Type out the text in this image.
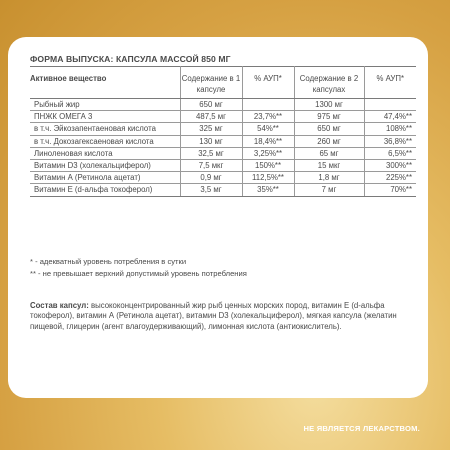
ФОРМА ВЫПУСКА: КАПСУЛА МАССОЙ 850 МГ
Активное вещество	Содержание в 1 капсуле	% АУП*	Содержание в 2 капсулах	% АУП*
Рыбный жир	650 мг		1300 мг	
ПНЖК ОМЕГА 3	487,5 мг	23,7%**	975 мг	47,4%**
в т.ч. Эйкозапентаеновая кислота	325 мг	54%**	650 мг	108%**
в т.ч. Докозагексаеновая кислота	130 мг	18,4%**	260 мг	36,8%**
Линоленовая кислота	32,5 мг	3,25%**	65 мг	6,5%**
Витамин D3 (холекальциферол)	7,5 мкг	150%**	15 мкг	300%**
Витамин А (Ретинола ацетат)	0,9 мг	112,5%**	1,8 мг	225%**
Витамин Е (d-альфа токоферол)	3,5 мг	35%**	7 мг	70%**
* - адекватный уровень потребления в сутки
** - не превышает верхний допустимый уровень потребления
Состав капсул: высококонцентрированный жир рыб ценных морских пород, витамин Е (d-альфа токоферол), витамин А (Ретинола ацетат), витамин D3 (холекальциферол), мягкая капсула (желатин пищевой, глицерин (агент влагоудерживающий), лимонная кислота (антиокислитель).
НЕ ЯВЛЯЕТСЯ ЛЕКАРСТВОМ.
